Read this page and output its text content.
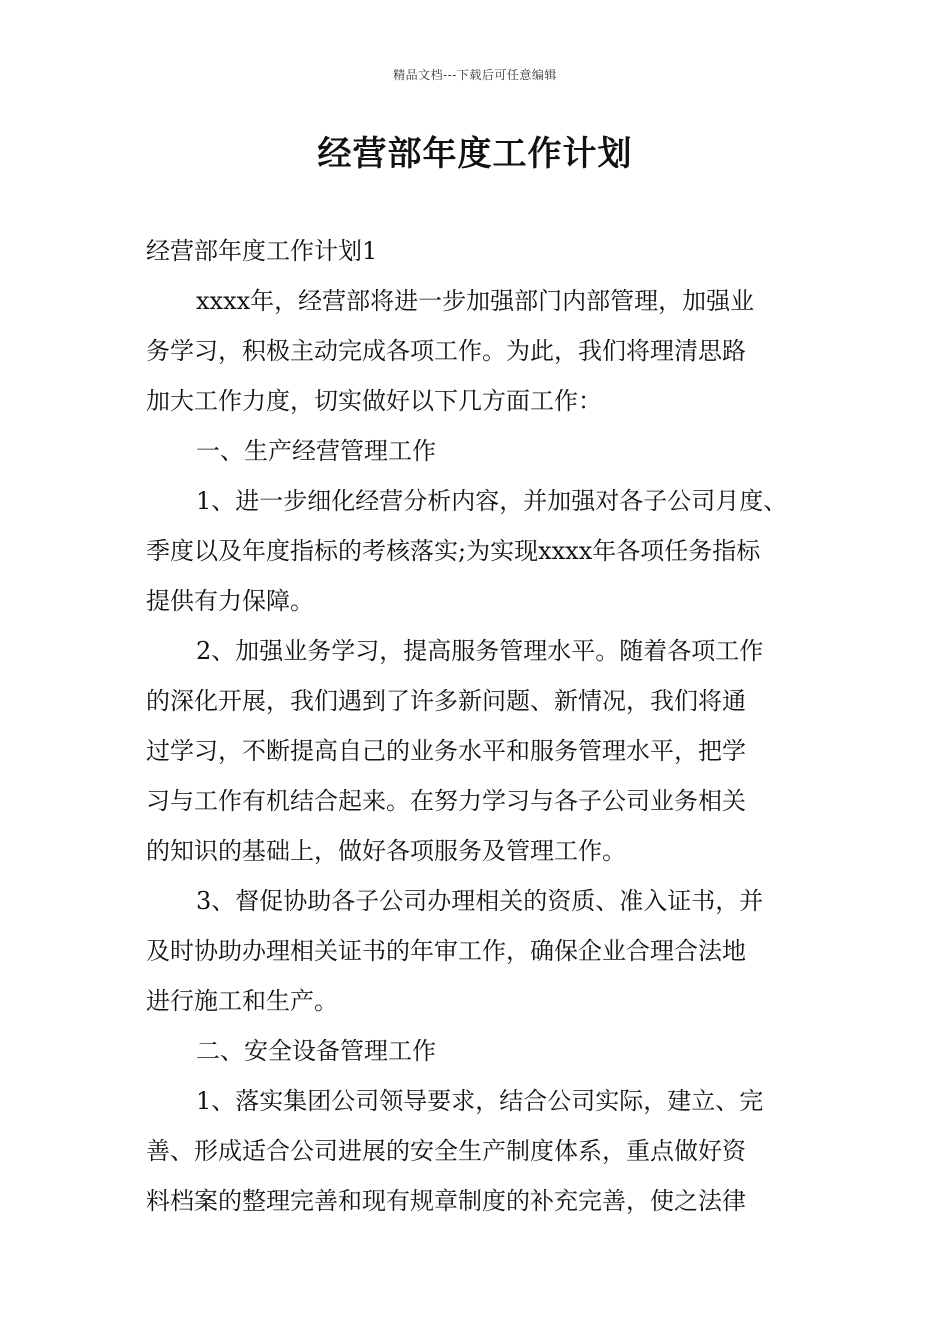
精品文档---下载后可任意编辑
经营部年度工作计划
经营部年度工作计划1
xxxx年，经营部将进一步加强部门内部管理，加强业
务学习，积极主动完成各项工作。为此，我们将理清思路
加大工作力度，切实做好以下几方面工作：
一、生产经营管理工作
1、进一步细化经营分析内容，并加强对各子公司月度、
季度以及年度指标的考核落实;为实现xxxx年各项任务指标
提供有力保障。
2、加强业务学习，提高服务管理水平。随着各项工作
的深化开展，我们遇到了许多新问题、新情况，我们将通
过学习，不断提高自己的业务水平和服务管理水平，把学
习与工作有机结合起来。在努力学习与各子公司业务相关
的知识的基础上，做好各项服务及管理工作。
3、督促协助各子公司办理相关的资质、准入证书，并
及时协助办理相关证书的年审工作，确保企业合理合法地
进行施工和生产。
二、安全设备管理工作
1、落实集团公司领导要求，结合公司实际，建立、完
善、形成适合公司进展的安全生产制度体系，重点做好资
料档案的整理完善和现有规章制度的补充完善，使之法律
